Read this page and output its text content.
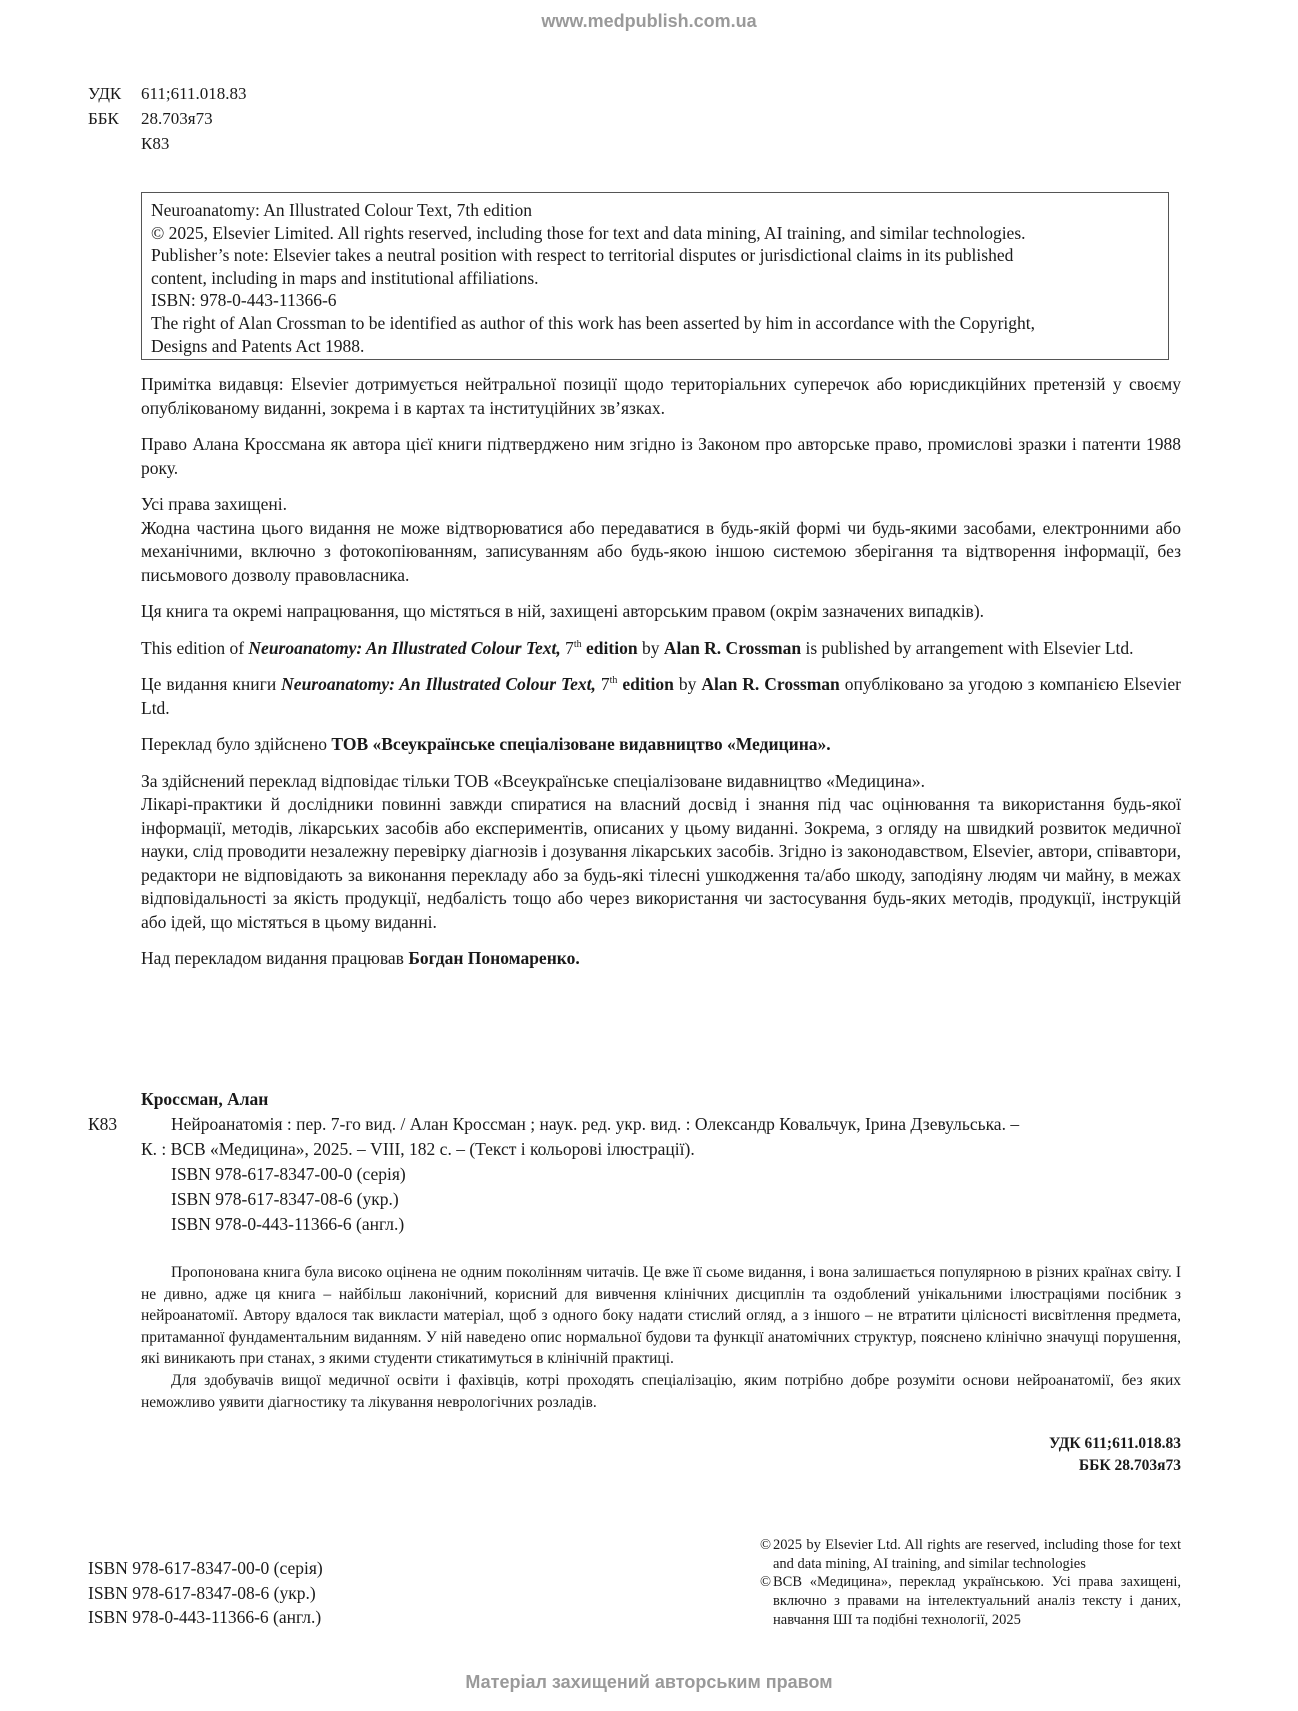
www.medpublish.com.ua
УДК	611;611.018.83
ББК	28.703я73
К83
Neuroanatomy: An Illustrated Colour Text, 7th edition
© 2025, Elsevier Limited. All rights reserved, including those for text and data mining, AI training, and similar technologies.
Publisher’s note: Elsevier takes a neutral position with respect to territorial disputes or jurisdictional claims in its published
content, including in maps and institutional affiliations.
ISBN: 978-0-443-11366-6
The right of Alan Crossman to be identified as author of this work has been asserted by him in accordance with the Copyright,
Designs and Patents Act 1988.

Примітка видавця: Elsevier дотримується нейтральної позиції щодо територіальних суперечок або юрисдикційних претензій у своєму опублікованому виданні, зокрема і в картах та інституційних зв’язках.

Право Алана Кроссмана як автора цієї книги підтверджено ним згідно із Законом про авторське право, промислові зразки і патенти 1988 року.

Усі права захищені.
Жодна частина цього видання не може відтворюватися або передаватися в будь-якій формі чи будь-якими засобами, електронними або механічними, включно з фотокопіюванням, записуванням або будь-якою іншою системою зберігання та відтворення інформації, без письмового дозволу правовласника.

Ця книга та окремі напрацювання, що містяться в ній, захищені авторським правом (окрім зазначених випадків).

This edition of Neuroanatomy: An Illustrated Colour Text, 7th edition by Alan R. Crossman is published by arrangement with Elsevier Ltd.

Це видання книги Neuroanatomy: An Illustrated Colour Text, 7th edition by Alan R. Crossman опубліковано за угодою з компанією Elsevier Ltd.

Переклад було здійснено ТОВ «Всеукраїнське спеціалізоване видавництво «Медицина».

За здійснений переклад відповідає тільки ТОВ «Всеукраїнське спеціалізоване видавництво «Медицина».
Лікарі-практики й дослідники повинні завжди спиратися на власний досвід і знання під час оцінювання та використання будь-якої інформації, методів, лікарських засобів або експериментів, описаних у цьому виданні. Зокрема, з огляду на швидкий розвиток медичної науки, слід проводити незалежну перевірку діагнозів і дозування лікарських засобів. Згідно із законодавством, Elsevier, автори, співавтори, редактори не відповідають за виконання перекладу або за будь-які тілесні ушкодження та/або шкоду, заподіяну людям чи майну, в межах відповідальності за якість продукції, недбалість тощо або через використання чи застосування будь-яких методів, продукції, інструкцій або ідей, що містяться в цьому виданні.

Над перекладом видання працював Богдан Пономаренко.

Кроссман, Алан
К83	Нейроанатомія : пер. 7-го вид. / Алан Кроссман ; наук. ред. укр. вид. : Олександр Ковальчук, Ірина Дзевульська. –
К. : ВСВ «Медицина», 2025. – VIII, 182 с. – (Текст і кольорові ілюстрації).
ISBN 978-617-8347-00-0 (серія)
ISBN 978-617-8347-08-6 (укр.)
ISBN 978-0-443-11366-6 (англ.)

Пропонована книга була високо оцінена не одним поколінням читачів. Це вже її сьоме видання, і вона залишається популярною в різних країнах світу. І не дивно, адже ця книга – найбільш лаконічний, корисний для вивчення клінічних дисциплін та оздоблений унікальними ілюстраціями посібник з нейроанатомії. Автору вдалося так викласти матеріал, щоб з одного боку надати стислий огляд, а з іншого – не втратити цілісності висвітлення предмета, притаманної фундаментальним виданням. У ній наведено опис нормальної будови та функції анатомічних структур, пояснено клінічно значущі порушення, які виникають при станах, з якими студенти стикатимуться в клінічній практиці.

Для здобувачів вищої медичної освіти і фахівців, котрі проходять спеціалізацію, яким потрібно добре розуміти основи нейроанатомії, без яких неможливо уявити діагностику та лікування неврологічних розладів.

УДК 611;611.018.83
ББК 28.703я73
ISBN 978-617-8347-00-0 (серія)
ISBN 978-617-8347-08-6 (укр.)
ISBN 978-0-443-11366-6 (англ.)
© 2025 by Elsevier Ltd. All rights are reserved, including those for text and data mining, AI training, and similar technologies
© ВСВ «Медицина», переклад українською. Усі права захищені, включно з правами на інтелектуальний аналіз тексту і даних, навчання ШІ та подібні технології, 2025
Матеріал захищений авторським правом
